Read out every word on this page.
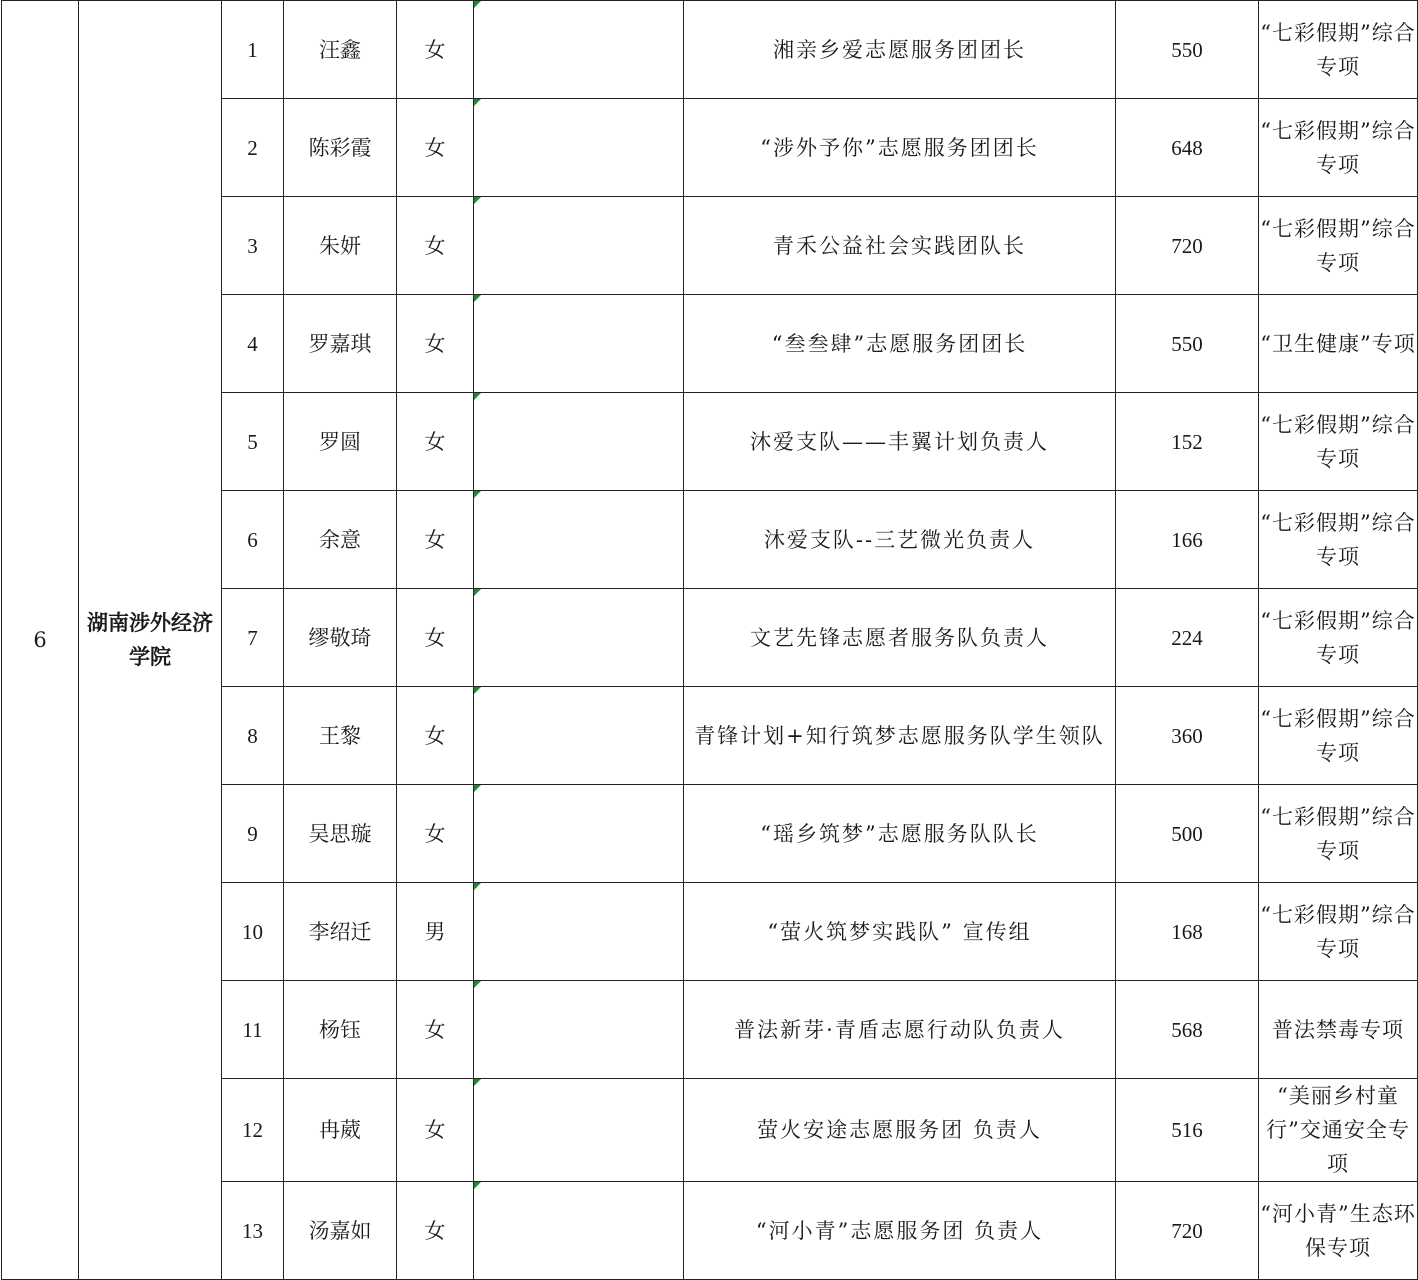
6	湖南涉外经济学院	1	汪鑫	女		湘亲乡爱志愿服务团团长	550	“七彩假期”综合专项
		2	陈彩霞	女		“涉外予你”志愿服务团团长	648	“七彩假期”综合专项
		3	朱妍	女		青禾公益社会实践团队长	720	“七彩假期”综合专项
		4	罗嘉琪	女		“叁叁肆”志愿服务团团长	550	“卫生健康”专项
		5	罗圆	女		沐爱支队——丰翼计划负责人	152	“七彩假期”综合专项
		6	余意	女		沐爱支队--三艺微光负责人	166	“七彩假期”综合专项
		7	缪敬琦	女		文艺先锋志愿者服务队负责人	224	“七彩假期”综合专项
		8	王黎	女		青锋计划+知行筑梦志愿服务队学生领队	360	“七彩假期”综合专项
		9	吴思璇	女		“瑶乡筑梦”志愿服务队队长	500	“七彩假期”综合专项
		10	李绍迁	男		“萤火筑梦实践队” 宣传组	168	“七彩假期”综合专项
		11	杨钰	女		普法新芽·青盾志愿行动队负责人	568	普法禁毒专项
		12	冉葳	女		萤火安途志愿服务团 负责人	516	“美丽乡村童行”交通安全专项
		13	汤嘉如	女		“河小青”志愿服务团 负责人	720	“河小青”生态环保专项
